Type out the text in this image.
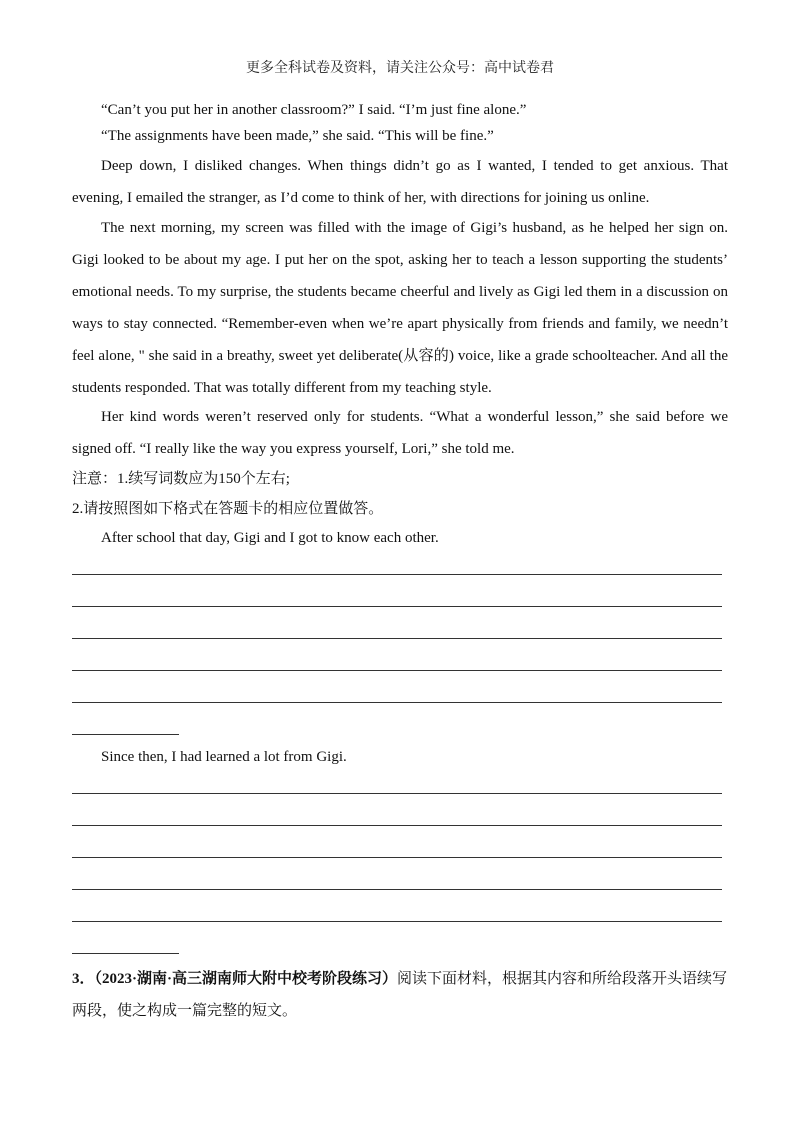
更多全科试卷及资料，请关注公众号：高中试卷君

“Can’t you put her in another classroom?” I said. “I’m just fine alone.”

“The assignments have been made,” she said. “This will be fine.”

Deep down, I disliked changes. When things didn’t go as I wanted, I tended to get anxious. That evening, I emailed the stranger, as I’d come to think of her, with directions for joining us online.

The next morning, my screen was filled with the image of Gigi’s husband, as he helped her sign on. Gigi looked to be about my age. I put her on the spot, asking her to teach a lesson supporting the students’ emotional needs. To my surprise, the students became cheerful and lively as Gigi led them in a discussion on ways to stay connected. “Remember-even when we’re apart physically from friends and family, we needn’t feel alone, " she said in a breathy, sweet yet deliberate(从容的) voice, like a grade schoolteacher. And all the students responded. That was totally different from my teaching style.

Her kind words weren’t reserved only for students. “What a wonderful lesson,” she said before we signed off. “I really like the way you express yourself, Lori,” she told me.

注意：1.续写词数应为150个左右;

2.请按照图如下格式在答题卡的相应位置做答。

After school that day, Gigi and I got to know each other.

Since then, I had learned a lot from Gigi.

3．（2023·湖南·高三湖南师大附中校考阶段练习）阅读下面材料，根据其内容和所给段落开头语续写两段，使之构成一篇完整的短文。
